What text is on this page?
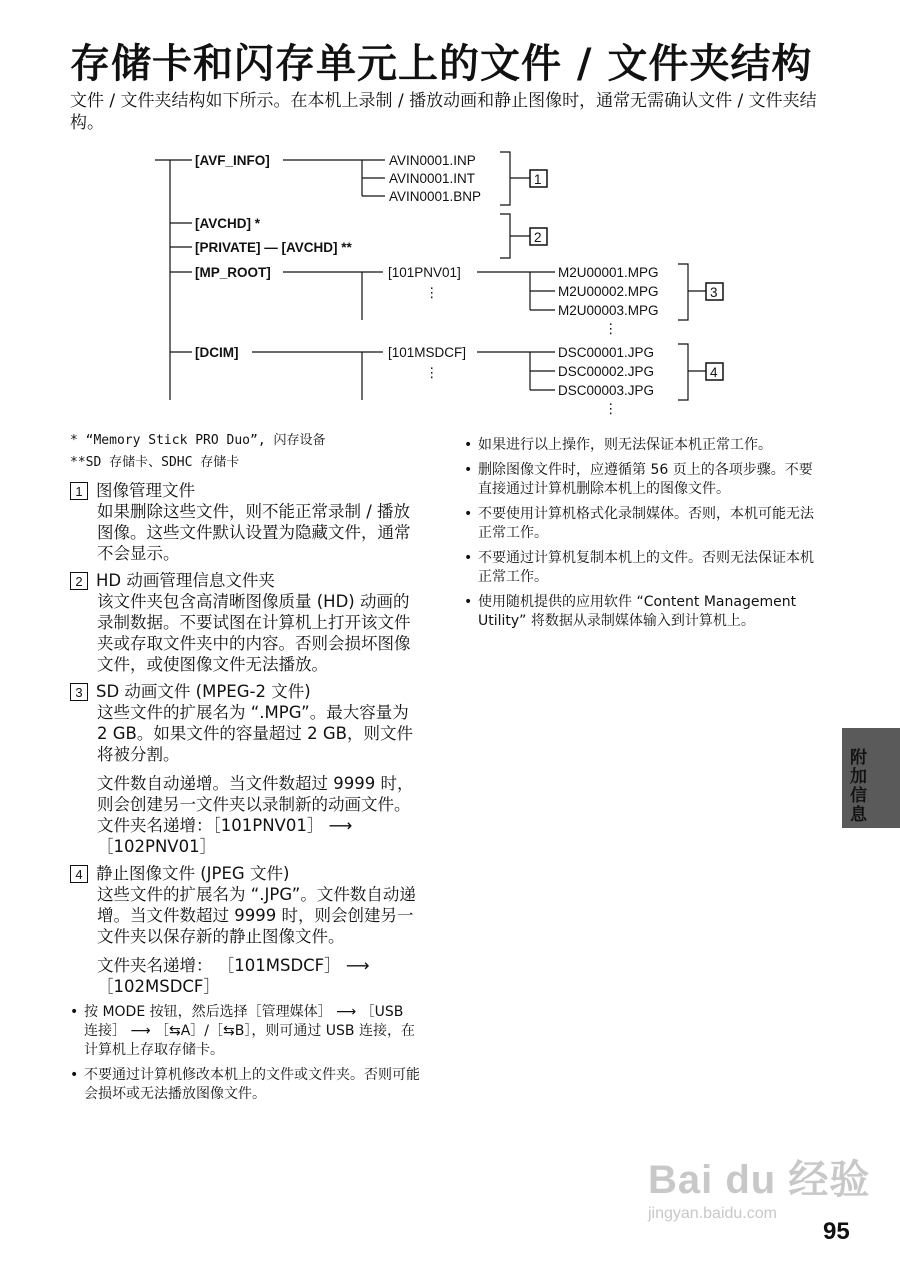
存储卡和闪存单元上的文件 / 文件夹结构
文件 / 文件夹结构如下所示。在本机上录制 / 播放动画和静止图像时，通常无需确认文件 / 文件夹结构。
[AVF_INFO]
[AVCHD] *
[PRIVATE] — [AVCHD] **
[MP_ROOT]
[DCIM]
AVIN0001.INP
AVIN0001.INT
AVIN0001.BNP
1
2
[101PNV01]
⋮
M2U00001.MPG
M2U00002.MPG
M2U00003.MPG
⋮
3
[101MSDCF]
⋮
DSC00001.JPG
DSC00002.JPG
DSC00003.JPG
⋮
4
* “Memory Stick PRO Duo”, 闪存设备
**SD 存储卡、SDHC 存储卡
1 图像管理文件
如果删除这些文件，则不能正常录制 / 播放图像。这些文件默认设置为隐藏文件，通常不会显示。
2 HD 动画管理信息文件夹
该文件夹包含高清晰图像质量 (HD) 动画的录制数据。不要试图在计算机上打开该文件夹或存取文件夹中的内容。否则会损坏图像文件，或使图像文件无法播放。
3 SD 动画文件 (MPEG-2 文件)
这些文件的扩展名为 “.MPG”。最大容量为 2 GB。如果文件的容量超过 2 GB，则文件将被分割。
文件数自动递增。当文件数超过 9999 时，则会创建另一文件夹以录制新的动画文件。文件夹名递增：［101PNV01］ ⟶ ［102PNV01］
4 静止图像文件 (JPEG 文件)
这些文件的扩展名为 “.JPG”。文件数自动递增。当文件数超过 9999 时，则会创建另一文件夹以保存新的静止图像文件。
文件夹名递增： ［101MSDCF］ ⟶ ［102MSDCF］
• 按 MODE 按钮，然后选择［管理媒体］ ⟶ ［USB 连接］ ⟶ ［⇆A］/［⇆B］，则可通过 USB 连接，在计算机上存取存储卡。
• 不要通过计算机修改本机上的文件或文件夹。否则可能会损坏或无法播放图像文件。
• 如果进行以上操作，则无法保证本机正常工作。
• 删除图像文件时，应遵循第 56 页上的各项步骤。不要直接通过计算机删除本机上的图像文件。
• 不要使用计算机格式化录制媒体。否则，本机可能无法正常工作。
• 不要通过计算机复制本机上的文件。否则无法保证本机正常工作。
• 使用随机提供的应用软件 “Content Management Utility” 将数据从录制媒体输入到计算机上。
附加信息
Bai du 经验
jingyan.baidu.com
95
